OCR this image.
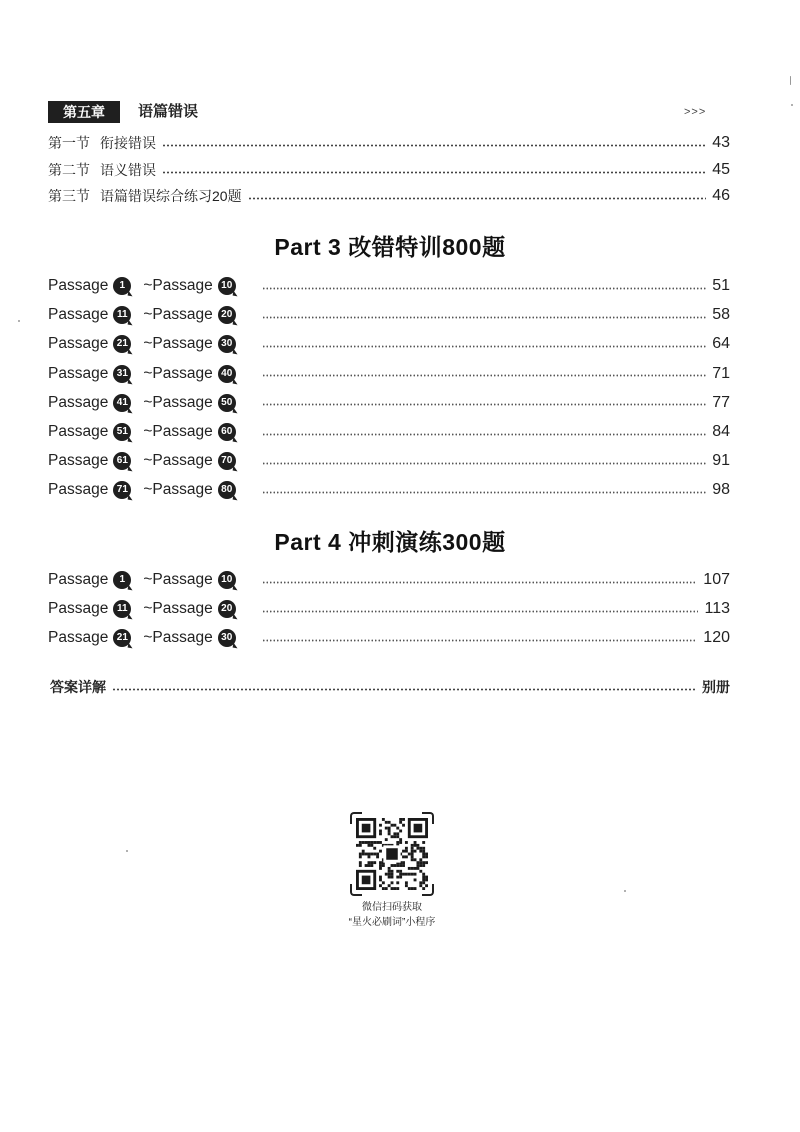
第五章	语篇错误	>>>
第一节 衔接错误	43
第二节 语义错误	45
第三节 语篇错误综合练习20题	46
Part 3 改错特训800题
Passage	1	~Passage 10	51
Passage 11 ~Passage 20	58
Passage 21 ~Passage 30	64
Passage 31 ~Passage 40	71
Passage 41 ~Passage 50	77
Passage 51 ~Passage 60	84
Passage 61 ~Passage 70	91
Passage 71 ~Passage 80	98
Part 4 冲刺演练300题
Passage	1	~Passage 10	107
Passage 11 ~Passage 20	113
Passage 21 ~Passage 30	120
答案详解	别册
微信扫码获取
“星火必刷词”小程序
